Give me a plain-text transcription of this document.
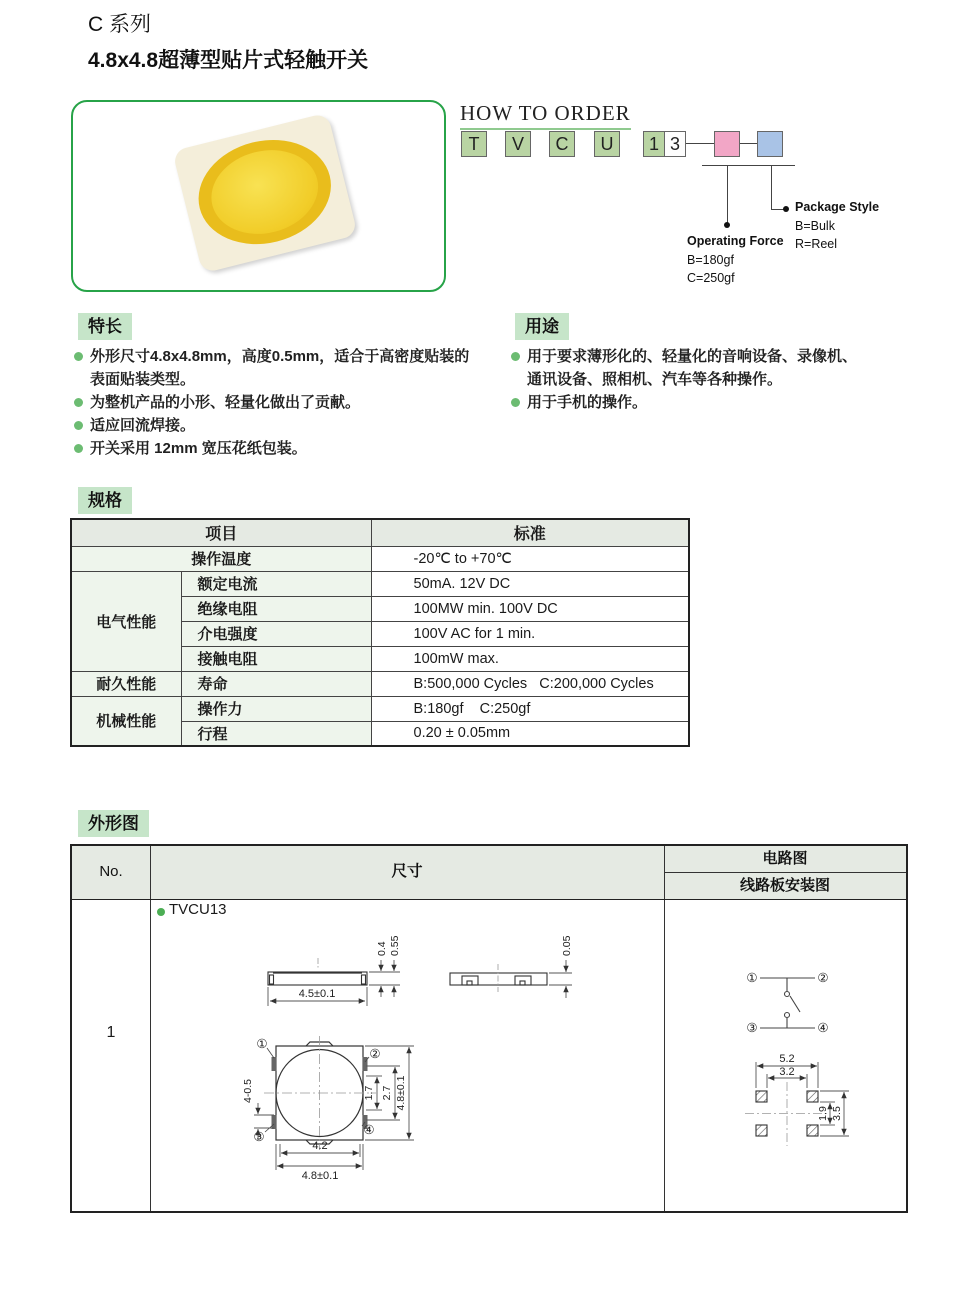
C 系列
4.8x4.8超薄型贴片式轻触开关
HOW TO ORDER
T	V	C	U	1 3
Operating Force
B=180gf
C=250gf
Package Style
B=Bulk
R=Reel
特长
外形尺寸4.8x4.8mm，高度0.5mm，适合于高密度贴装的表面贴装类型。
为整机产品的小形、轻量化做出了贡献。
适应回流焊接。
开关采用 12mm 宽压花纸包装。
用途
用于要求薄形化的、轻量化的音响设备、录像机、通讯设备、照相机、汽车等各种操作。
用于手机的操作。
规格
项目		标准
操作温度		-20℃ to +70℃
电气性能	额定电流	50mA. 12V DC
	绝缘电阻	100MW min. 100V DC
	介电强度	100V AC for 1 min.
	接触电阻	100mW max.
耐久性能	寿命	B:500,000 Cycles   C:200,000 Cycles
机械性能	操作力	B:180gf    C:250gf
	行程	0.20 ± 0.05mm
外形图
No.	尺寸
电路图
线路板安装图
1
TVCU13
4.5±0.1
0.4 0.55	0.05
①
②
③	④
1.7 2.7 4.8±0.1
4-0.5
4.2
4.8±0.1
①	②
③	④
5.2
3.2
1.9 3.5
